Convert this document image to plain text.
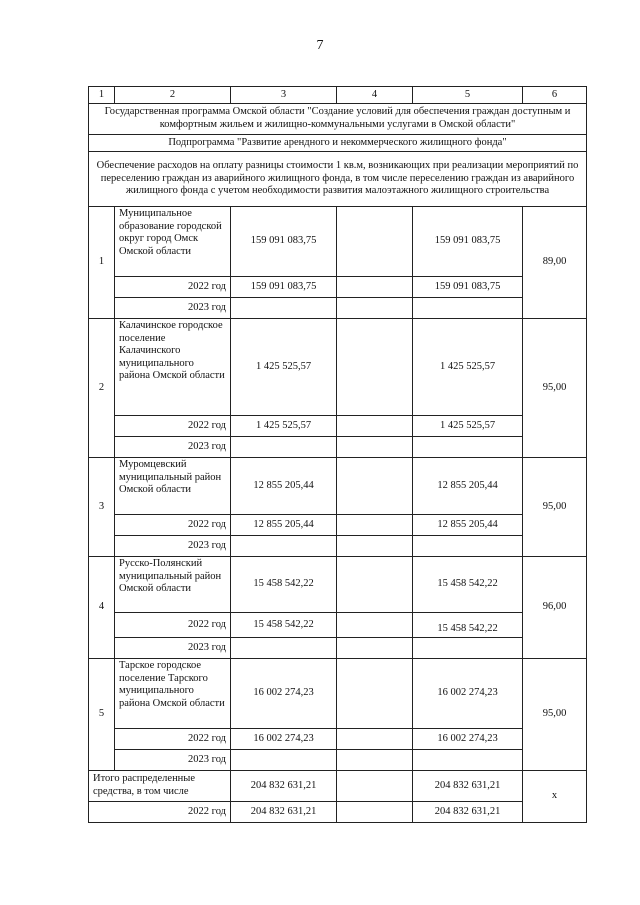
7
1	2	3	4	5	6
Государственная программа Омской области "Создание условий для обеспечения граждан доступным и комфортным жильем и жилищно-коммунальными услугами в Омской области"					
Подпрограмма "Развитие арендного и некоммерческого жилищного фонда"					
Обеспечение расходов на оплату разницы стоимости 1 кв.м, возникающих при реализации мероприятий по переселению граждан из аварийного жилищного фонда, в том числе переселению граждан из аварийного жилищного фонда с учетом необходимости развития малоэтажного жилищного строительства					
1	Муниципальное образование городской округ город Омск Омской области	159 091 083,75		159 091 083,75	89,00
	2022 год	159 091 083,75		159 091 083,75	
	2023 год				
2	Калачинское городское поселение Калачинского муниципального района Омской области	1 425 525,57		1 425 525,57	95,00
	2022 год	1 425 525,57		1 425 525,57	
	2023 год				
3	Муромцевский муниципальный район Омской области	12 855 205,44		12 855 205,44	95,00
	2022 год	12 855 205,44		12 855 205,44	
	2023 год				
4	Русско-Полянский муниципальный район Омской области	15 458 542,22		15 458 542,22	96,00
	2022 год	15 458 542,22		15 458 542,22	
	2023 год				
5	Тарское городское поселение Тарского муниципального района Омской области	16 002 274,23		16 002 274,23	95,00
	2022 год	16 002 274,23		16 002 274,23	
	2023 год				
Итого распределенные средства, в том числе		204 832 631,21		204 832 631,21	х
2022 год		204 832 631,21		204 832 631,21	
